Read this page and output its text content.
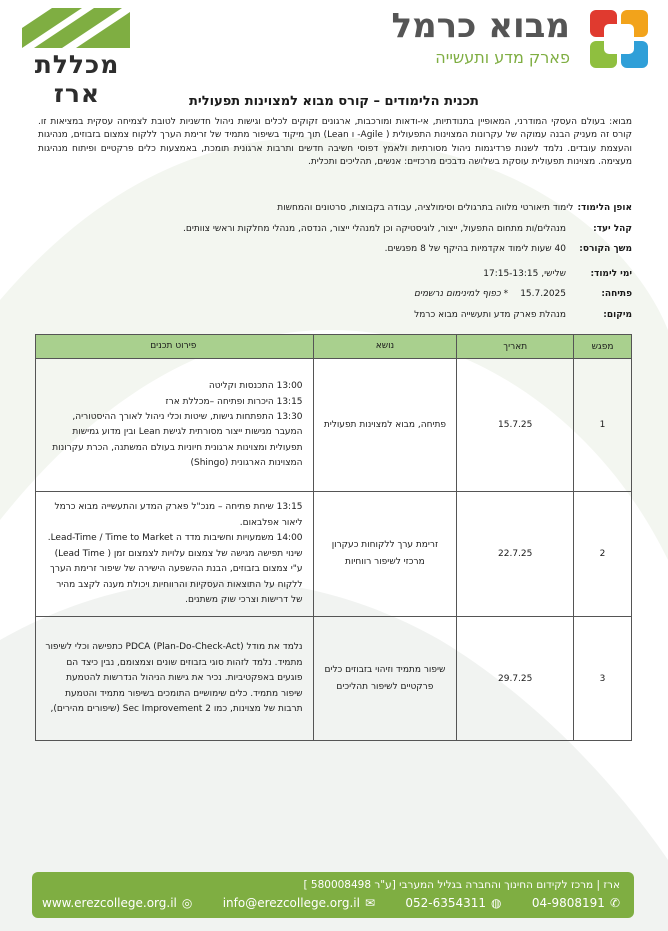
מכללת ארז
מבוא כרמל
פארק מדע ותעשייה
תכנית הלימודים – קורס מבוא למצוינות תפעולית

מבוא: בעולם העסקי המודרני, המאופיין בתנודתיות, אי-ודאות ומורכבות, ארגונים זקוקים לכלים וגישות ניהול חדשניות לטובת לצמיחה עסקית במציאות זו. קורס זה מעניק הבנה עמוקה של עקרונות המצוינות התפעולית ( Agile- ו Lean) תוך מיקוד בשיפור מתמיד של זרימת הערך ללקוח צמצום בזבוזים, מנהיגות והעצמת עובדים. נלמד לשנות פרדיגמות ניהול מסורתיות ולאמץ דפוסי חשיבה חדשים ותרבות ארגונית תומכת, באמצעות כלים פרקטיים ופיתוח מנהיגות מעצימה. מצוינות תפעולית עוסקת בשלושה נדבכים מרכזיים: אנשים, תהליכים ותכלית.

אופן הלימוד:
לימוד תיאורטי מלווה בתרגולים וסימולציה, עבודה בקבוצות, סרטונים והמחשות
קהל יעד:
מנהלים/ות מתחום התפעול, ייצור, לוגיסטיקה וכן למנהלי ייצור, הנדסה, מנהלי מחלקות וראשי צוותים.
משך הקורס:
40 שעות לימוד אקדמיות בהיקף של 8 מפגשים.
ימי לימוד:
שלישי, 17:15-13:15
פתיחה:
15.7.2025
* כפוף למינימום נרשמים
מיקום:
מנהלת פארק מדע ותעשייה מבוא כרמל
מפגש	תאריך	נושא	פירוט תכנים
1	15.7.25	פתיחה, מבוא למצוינות תפעולית	13:00 התכנסות וקליטה
13:15 היכרות ופתיחה –מכללת ארז
13:30 התפתחות גישות, שיטות וכלי ניהול לאורך ההיסטוריה, המעבר מגישות ייצור מסורתית לגישת Lean ובין מדוע גמישות תפעולית ומצוינות ארגונית חיוניות בעולם המשתנה, הכרת עקרונות המצוינות הארגונית (Shingo)

2	22.7.25	זרימת ערך ללקוחות כעקרון מרכזי לשיפור רווחיות	13:15 שיחת פתיחה – מנכ"ל פארק המדע והתעשייה מבוא כרמל ליאור אפלבאום.
14:00 משמעויות וחשיבות מדד ה Lead-Time / Time to Market.
שינוי תפישה מגישה של צמצום עלויות לצמצום זמן ( Lead Time) ע"י צמצום בזבוזים, הבנת ההשפעה הישירה של שיפור זרימת הערך ללקוח על התוצאות העסקיות והרווחיות ויכולת מענה לקצב מהיר של דרישות וצרכי שוק משתנים.

3	29.7.25	שיפור מתמיד וזיהוי בזבוזים כלים פרקטיים לשיפור תהליכים	נלמד את מודל PDCA (Plan-Do-Check-Act) כתפישה וכלי לשיפור מתמיד. נלמד לזהות סוגי בזבוזים שונים וצמצומם, נבין כיצד הם פוגעים באפקטיביות. נכיר את גישות הניהול הנדרשות להטמעת שיפור מתמיד. כלים שימושיים התומכים בשיפור מתמיד והטמעת תרבות של מצוינות, כמו 2 Sec Improvement (שיפורים מהירים),
ארז | מרכז לקידום החינוך והחברה בגליל המערבי [ע"ר 580008498 ]
04-9808191 ✆
052-6354311 ◍
info@erezcollege.org.il ✉
www.erezcollege.org.il ◎
